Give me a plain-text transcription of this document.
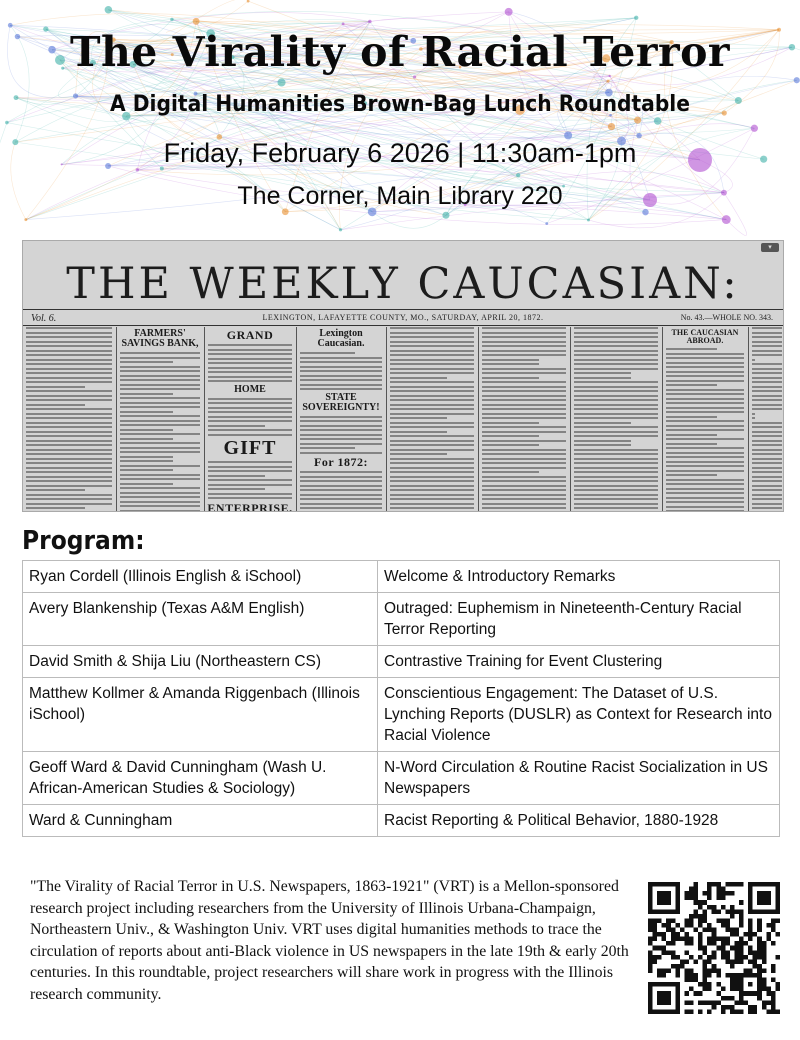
The Virality of Racial Terror
A Digital Humanities Brown-Bag Lunch Roundtable
Friday, February 6 2026 | 11:30am-1pm
The Corner, Main Library 220
▾
THE WEEKLY CAUCASIAN:
Vol. 6.	LEXINGTON, LAFAYETTE COUNTY, MO., SATURDAY, APRIL 20, 1872.	No. 43.—WHOLE NO. 343.
FARMERS' SAVINGS BANK,
GRAND
HOME
GIFT
ENTERPRISE.
Lexington Caucasian.
STATE SOVEREIGNTY!
For 1872:
THE CAUCASIAN ABROAD.
Program:
Ryan Cordell (Illinois English & iSchool)	Welcome & Introductory Remarks
Avery Blankenship (Texas A&M English)	Outraged: Euphemism in Nineteenth-Century Racial Terror Reporting
David Smith & Shija Liu (Northeastern CS)	Contrastive Training for Event Clustering
Matthew Kollmer & Amanda Riggenbach (Illinois iSchool)	Conscientious Engagement: The Dataset of U.S. Lynching Reports (DUSLR) as Context for Research into Racial Violence
Geoff Ward & David Cunningham (Wash U. African-American Studies & Sociology)	N-Word Circulation & Routine Racist Socialization in US Newspapers
Ward & Cunningham	Racist Reporting & Political Behavior, 1880-1928
"The Virality of Racial Terror in U.S. Newspapers, 1863-1921" (VRT) is a Mellon-sponsored research project including researchers from the University of Illinois Urbana-Champaign, Northeastern Univ., & Washington Univ. VRT uses digital humanities methods to trace the circulation of reports about anti-Black violence in US newspapers in the late 19th & early 20th centuries. In this roundtable, project researchers will share work in progress with the Illinois research community.
